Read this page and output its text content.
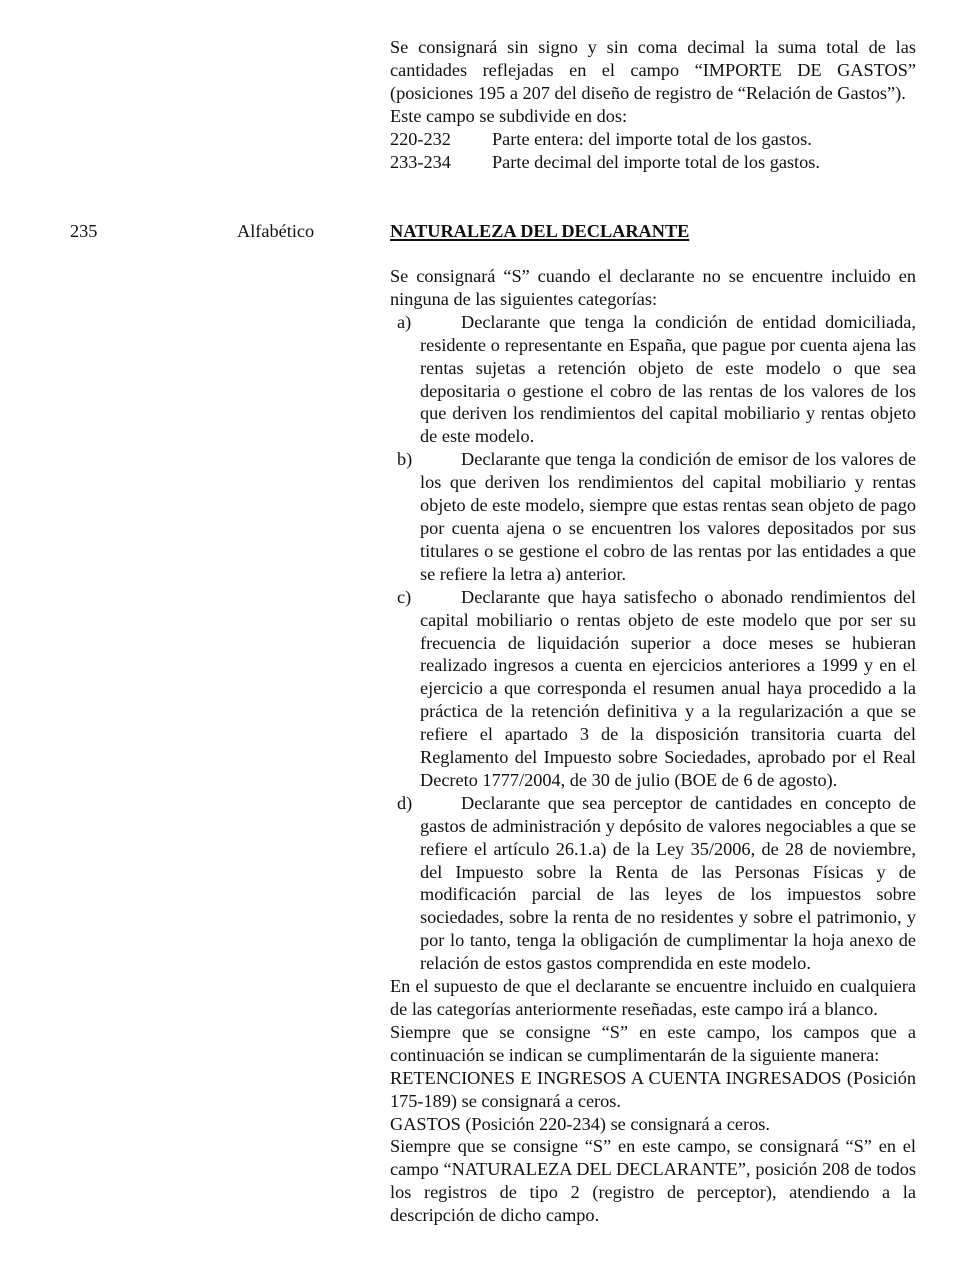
Se consignará sin signo y sin coma decimal la suma total de las cantidades reflejadas en el campo “IMPORTE DE GASTOS” (posiciones 195 a 207 del diseño de registro de “Relación de Gastos”).

Este campo se subdivide en dos:

220-232	Parte entera: del importe total de los gastos.
233-234	Parte decimal del importe total de los gastos.
235	Alfabético	NATURALEZA DEL DECLARANTE

Se consignará “S” cuando el declarante no se encuentre incluido en ninguna de las siguientes categorías:

a)	Declarante que tenga la condición de entidad domiciliada, residente o representante en España, que pague por cuenta ajena las rentas sujetas a retención objeto de este modelo o que sea depositaria o gestione el cobro de las rentas de los valores de los que deriven los rendimientos del capital mobiliario y rentas objeto de este modelo.
b)	Declarante que tenga la condición de emisor de los valores de los que deriven los rendimientos del capital mobiliario y rentas objeto de este modelo, siempre que estas rentas sean objeto de pago por cuenta ajena o se encuentren los valores depositados por sus titulares o se gestione el cobro de las rentas por las entidades a que se refiere la letra a) anterior.
c)	Declarante que haya satisfecho o abonado rendimientos del capital mobiliario o rentas objeto de este modelo que por ser su frecuencia de liquidación superior a doce meses se hubieran realizado ingresos a cuenta en ejercicios anteriores a 1999 y en el ejercicio a que corresponda el resumen anual haya procedido a la práctica de la retención definitiva y a la regularización a que se refiere el apartado 3 de la disposición transitoria cuarta del Reglamento del Impuesto sobre Sociedades, aprobado por el Real Decreto 1777/2004, de 30 de julio (BOE de 6 de agosto).
d)	Declarante que sea perceptor de cantidades en concepto de gastos de administración y depósito de valores negociables a que se refiere el artículo 26.1.a) de la Ley 35/2006, de 28 de noviembre, del Impuesto sobre la Renta de las Personas Físicas y de modificación parcial de las leyes de los impuestos sobre sociedades, sobre la renta de no residentes y sobre el patrimonio, y por lo tanto, tenga la obligación de cumplimentar la hoja anexo de relación de estos gastos comprendida en este modelo.

En el supuesto de que el declarante se encuentre incluido en cualquiera de las categorías anteriormente reseñadas, este campo irá a blanco.

Siempre que se consigne “S” en este campo, los campos que a continuación se indican se cumplimentarán de la siguiente manera:

RETENCIONES E INGRESOS A CUENTA INGRESADOS (Posición 175-189) se consignará a ceros.

GASTOS (Posición 220-234) se consignará a ceros.

Siempre que se consigne “S” en este campo, se consignará “S” en el campo “NATURALEZA DEL DECLARANTE”, posición 208 de todos los registros de tipo 2 (registro de perceptor), atendiendo a la descripción de dicho campo.
